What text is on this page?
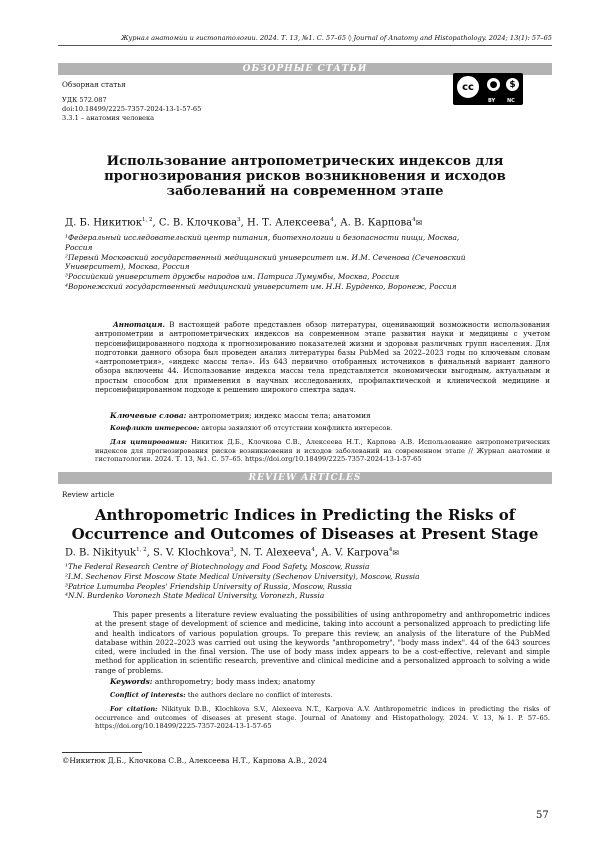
Журнал анатомии и гистопатологии. 2024. Т. 13, №1. С. 57–65 ◊ Journal of Anatomy and Histopathology. 2024; 13(1): 57–65
ОБЗОРНЫЕ СТАТЬИ
Обзорная статья
УДК 572.087
doi:10.18499/2225-7357-2024-13-1-57-65
3.3.1 – анатомия человека
cc	●	$
BY NC
Использование антропометрических индексов для прогнозирования рисков возникновения и исходов заболеваний на современном этапе
Д. Б. Никитюк$^{1, 2}$, С. В. Клочкова$^3$, Н. Т. Алексеева$^4$, А. В. Карпова$^4$✉
¹Федеральный исследовательский центр питания, биотехнологии и безопасности пищи, Москва, Россия
²Первый Московский государственный медицинский университет им. И.М. Сеченова (Сеченовский Университет), Москва, Россия
³Российский университет дружбы народов им. Патриса Лумумбы, Москва, Россия
⁴Воронежский государственный медицинский университет им. Н.Н. Бурденко, Воронеж, Россия
Аннотация. В настоящей работе представлен обзор литературы, оценивающий возможности использования антропометрии и антропометрических индексов на современном этапе развития науки и медицины с учетом персонифицированного подхода к прогнозированию показателей жизни и здоровья различных групп населения. Для подготовки данного обзора был проведен анализ литературы базы PubMed за 2022–2023 годы по ключевым словам «антропометрия», «индекс массы тела». Из 643 первично отобранных источников в финальный вариант данного обзора включены 44. Использование индекса массы тела представляется экономически выгодным, актуальным и простым способом для применения в научных исследованиях, профилактической и клинической медицине и персонифицированном подходе к решению широкого спектра задач.
Ключевые слова: антропометрия; индекс массы тела; анатомия
Конфликт интересов: авторы заявляют об отсутствии конфликта интересов.
Для цитирования: Никитюк Д.Б., Клочкова С.В., Алексеева Н.Т., Карпова А.В. Использование антропометрических индексов для прогнозирования рисков возникновения и исходов заболеваний на современном этапе // Журнал анатомии и гистопатологии. 2024. Т. 13, №1. С. 57–65. https://doi.org/10.18499/2225-7357-2024-13-1-57-65
REVIEW ARTICLES
Review article
Anthropometric Indices in Predicting the Risks of Occurrence and Outcomes of Diseases at Present Stage
D. B. Nikityuk$^{1, 2}$, S. V. Klochkova$^3$, N. T. Alexeeva$^4$, A. V. Karpova$^4$✉
¹The Federal Research Centre of Biotechnology and Food Safety, Moscow, Russia
²I.M. Sechenov First Moscow State Medical University (Sechenov University), Moscow, Russia
³Patrice Lumumba Peoples' Friendship University of Russia, Moscow, Russia
⁴N.N. Burdenko Voronezh State Medical University, Voronezh, Russia
This paper presents a literature review evaluating the possibilities of using anthropometry and anthropometric indices at the present stage of development of science and medicine, taking into account a personalized approach to predicting life and health indicators of various population groups. To prepare this review, an analysis of the literature of the PubMed database within 2022–2023 was carried out using the keywords "anthropometry", "body mass index". 44 of the 643 sources cited, were included in the final version. The use of body mass index appears to be a cost-effective, relevant and simple method for application in scientific research, preventive and clinical medicine and a personalized approach to solving a wide range of problems.
Keywords: anthropometry; body mass index; anatomy
Conflict of interests: the authors declare no conflict of interests.
For citation: Nikityuk D.B., Klochkova S.V., Alexeeva N.T., Karpova A.V. Anthropometric indices in predicting the risks of occurrence and outcomes of diseases at present stage. Journal of Anatomy and Histopathology. 2024. V. 13, №1. P. 57–65. https://doi.org/10.18499/2225-7357-2024-13-1-57-65
©Никитюк Д.Б., Клочкова С.В., Алексеева Н.Т., Карпова А.В., 2024
57
